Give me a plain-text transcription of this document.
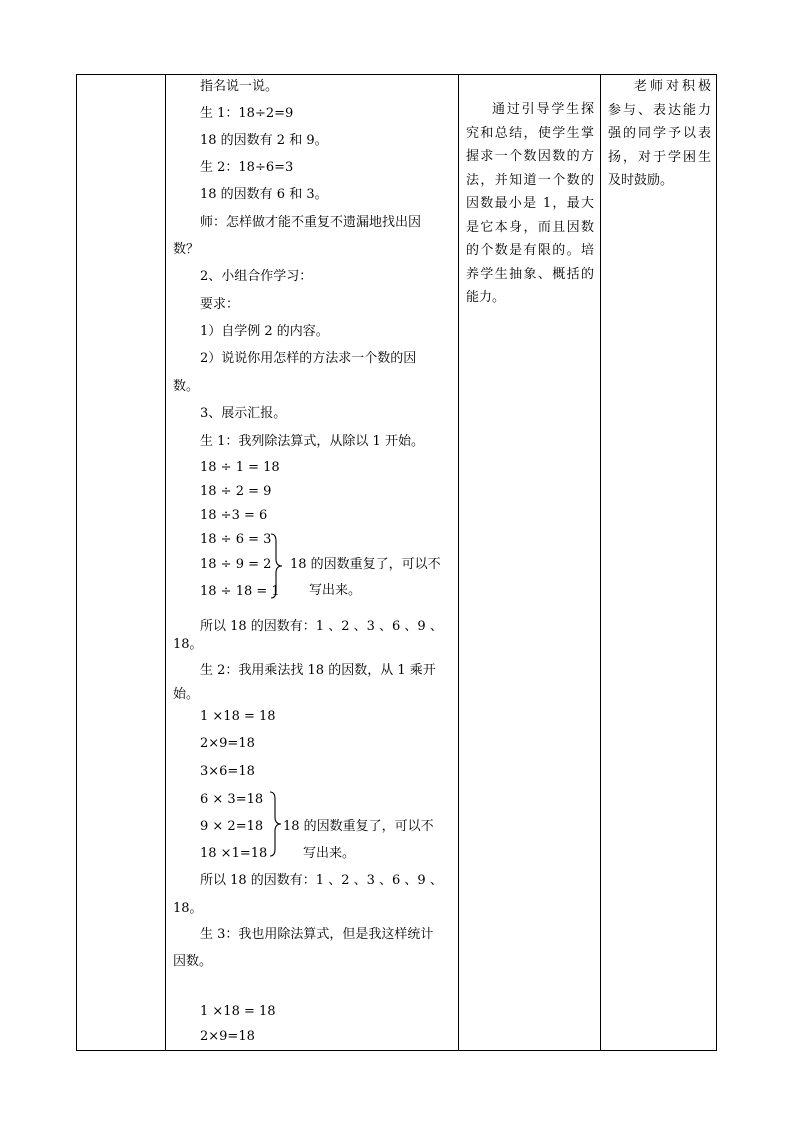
指名说一说。
生 1：18÷2=9
18 的因数有 2 和 9。
生 2：18÷6=3
18 的因数有 6 和 3。
师：怎样做才能不重复不遗漏地找出因
数？
2、小组合作学习：
要求：
1）自学例 2 的内容。
2）说说你用怎样的方法求一个数的因
数。
3、展示汇报。
生 1：我列除法算式，从除以 1 开始。
18 ÷ 1 = 18
18 ÷ 2 = 9
18 ÷3 = 6
18 ÷ 6 = 3
18 ÷ 9 = 2
18 ÷ 18 = 1
18 的因数重复了，可以不
写出来。
所以 18 的因数有：1 、2 、3 、6 、9 、
18。
生 2：我用乘法找 18 的因数，从 1 乘开
始。
1 ×18 = 18
2×9=18
3×6=18
6 × 3=18
9 × 2=18
18 ×1=18
18 的因数重复了，可以不
写出来。
所以 18 的因数有：1 、2 、3 、6 、9 、
18。
生 3：我也用除法算式，但是我这样统计
因数。
1 ×18 = 18
2×9=18

通过引导学生探究和总结，使学生掌握求一个数因数的方法，并知道一个数的因数最小是 1，最大是它本身，而且因数的个数是有限的。培养学生抽象、概括的能力。

老师对积极参与、表达能力强的同学予以表扬，对于学困生及时鼓励。
